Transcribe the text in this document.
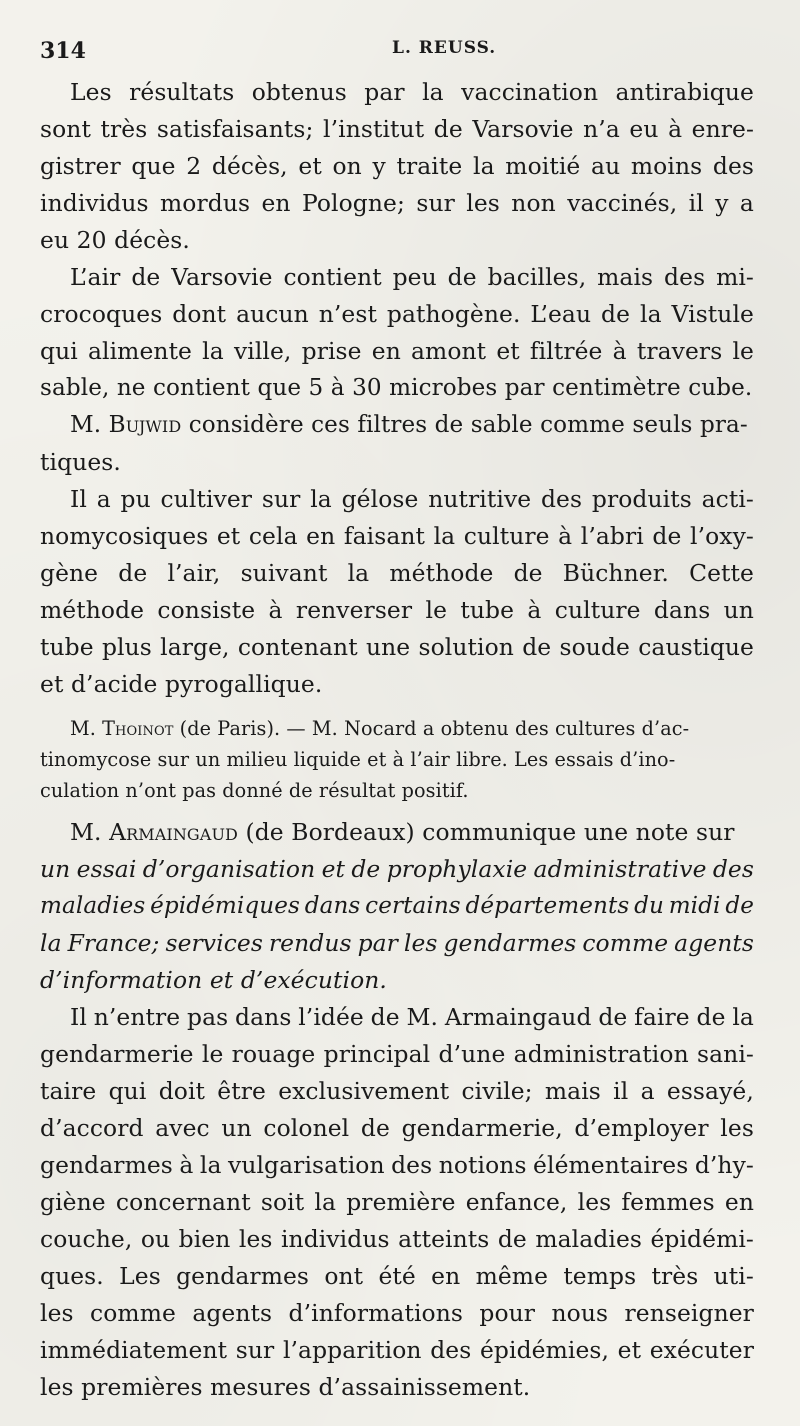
314	L. REUSS.
Les résultats obtenus par la vaccination antirabique
sont très satisfaisants; l’institut de Varsovie n’a eu à enre-
gistrer que 2 décès, et on y traite la moitié au moins des
individus mordus en Pologne; sur les non vaccinés, il y a
eu 20 décès.
L’air de Varsovie contient peu de bacilles, mais des mi-
crocoques dont aucun n’est pathogène. L’eau de la Vistule
qui alimente la ville, prise en amont et filtrée à travers le
sable, ne contient que 5 à 30 microbes par centimètre cube.
M. Bujwid considère ces filtres de sable comme seuls pra-
tiques.
Il a pu cultiver sur la gélose nutritive des produits acti-
nomycosiques et cela en faisant la culture à l’abri de l’oxy-
gène de l’air, suivant la méthode de Büchner. Cette
méthode consiste à renverser le tube à culture dans un
tube plus large, contenant une solution de soude caustique
et d’acide pyrogallique.
M. Thoinot (de Paris). — M. Nocard a obtenu des cultures d’ac-
tinomycose sur un milieu liquide et à l’air libre. Les essais d’ino-
culation n’ont pas donné de résultat positif.
M. Armaingaud (de Bordeaux) communique une note sur
un essai d’organisation et de prophylaxie administrative des
maladies épidémiques dans certains départements du midi de
la France; services rendus par les gendarmes comme agents
d’information et d’exécution.
Il n’entre pas dans l’idée de M. Armaingaud de faire de la
gendarmerie le rouage principal d’une administration sani-
taire qui doit être exclusivement civile; mais il a essayé,
d’accord avec un colonel de gendarmerie, d’employer les
gendarmes à la vulgarisation des notions élémentaires d’hy-
giène concernant soit la première enfance, les femmes en
couche, ou bien les individus atteints de maladies épidémi-
ques. Les gendarmes ont été en même temps très uti-
les comme agents d’informations pour nous renseigner
immédiatement sur l’apparition des épidémies, et exécuter
les premières mesures d’assainissement.
